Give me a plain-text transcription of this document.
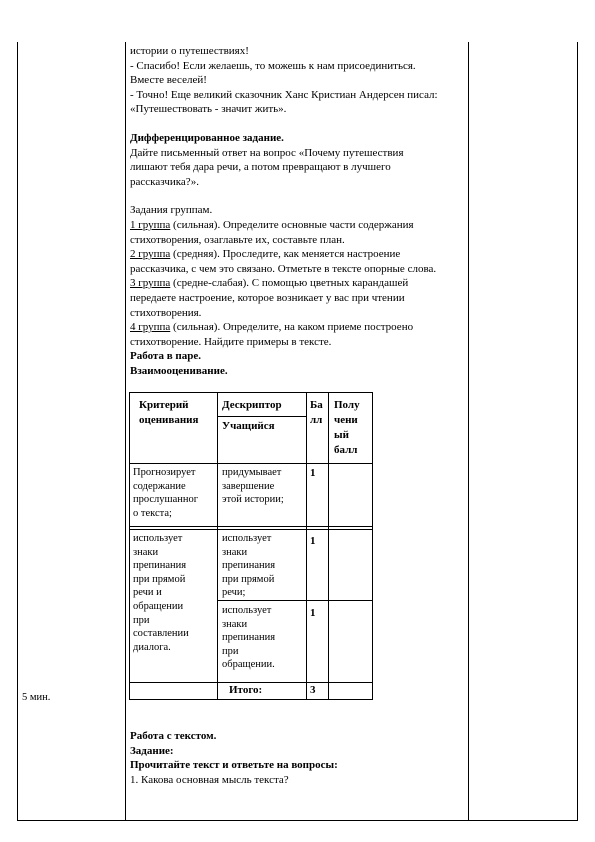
5 мин.

истории о путешествиях!

- Спасибо! Если желаешь, то можешь к нам присоединиться.

Вместе веселей!

- Точно! Еще великий сказочник Ханс Кристиан Андерсен писал:

«Путешествовать - значит жить».

Дифференцированное задание.

Дайте письменный ответ на вопрос «Почему путешествия

лишают тебя дара речи, а потом превращают в лучшего

рассказчика?».

Задания группам.

1 группа (сильная). Определите основные части содержания

стихотворения, озаглавьте их, составьте план.

2 группа (средняя). Проследите, как меняется настроение

рассказчика, с чем это связано. Отметьте в тексте опорные слова.

3 группа (средне-слабая). С помощью цветных карандашей

передаете настроение, которое возникает у вас при чтении

стихотворения.

4 группа (сильная). Определите, на каком приеме построено

стихотворение. Найдите примеры в тексте.

Работа в паре.

Взаимооценивание.

Критерий
оценивания
Дескриптор
Учащийся
Ба
лл
Полу
чени
ый
балл
Прогнозирует
содержание
прослушанног
о текста;
придумывает
завершение
этой истории;
1
использует
знаки
препинания
при прямой
речи и
обращении
при
составлении
диалога.
использует
знаки
препинания
при прямой
речи;
1
использует
знаки
препинания
при
обращении.
1
Итого:	3

Работа с текстом.

Задание:

Прочитайте текст и ответьте на вопросы:

1. Какова основная мысль текста?
